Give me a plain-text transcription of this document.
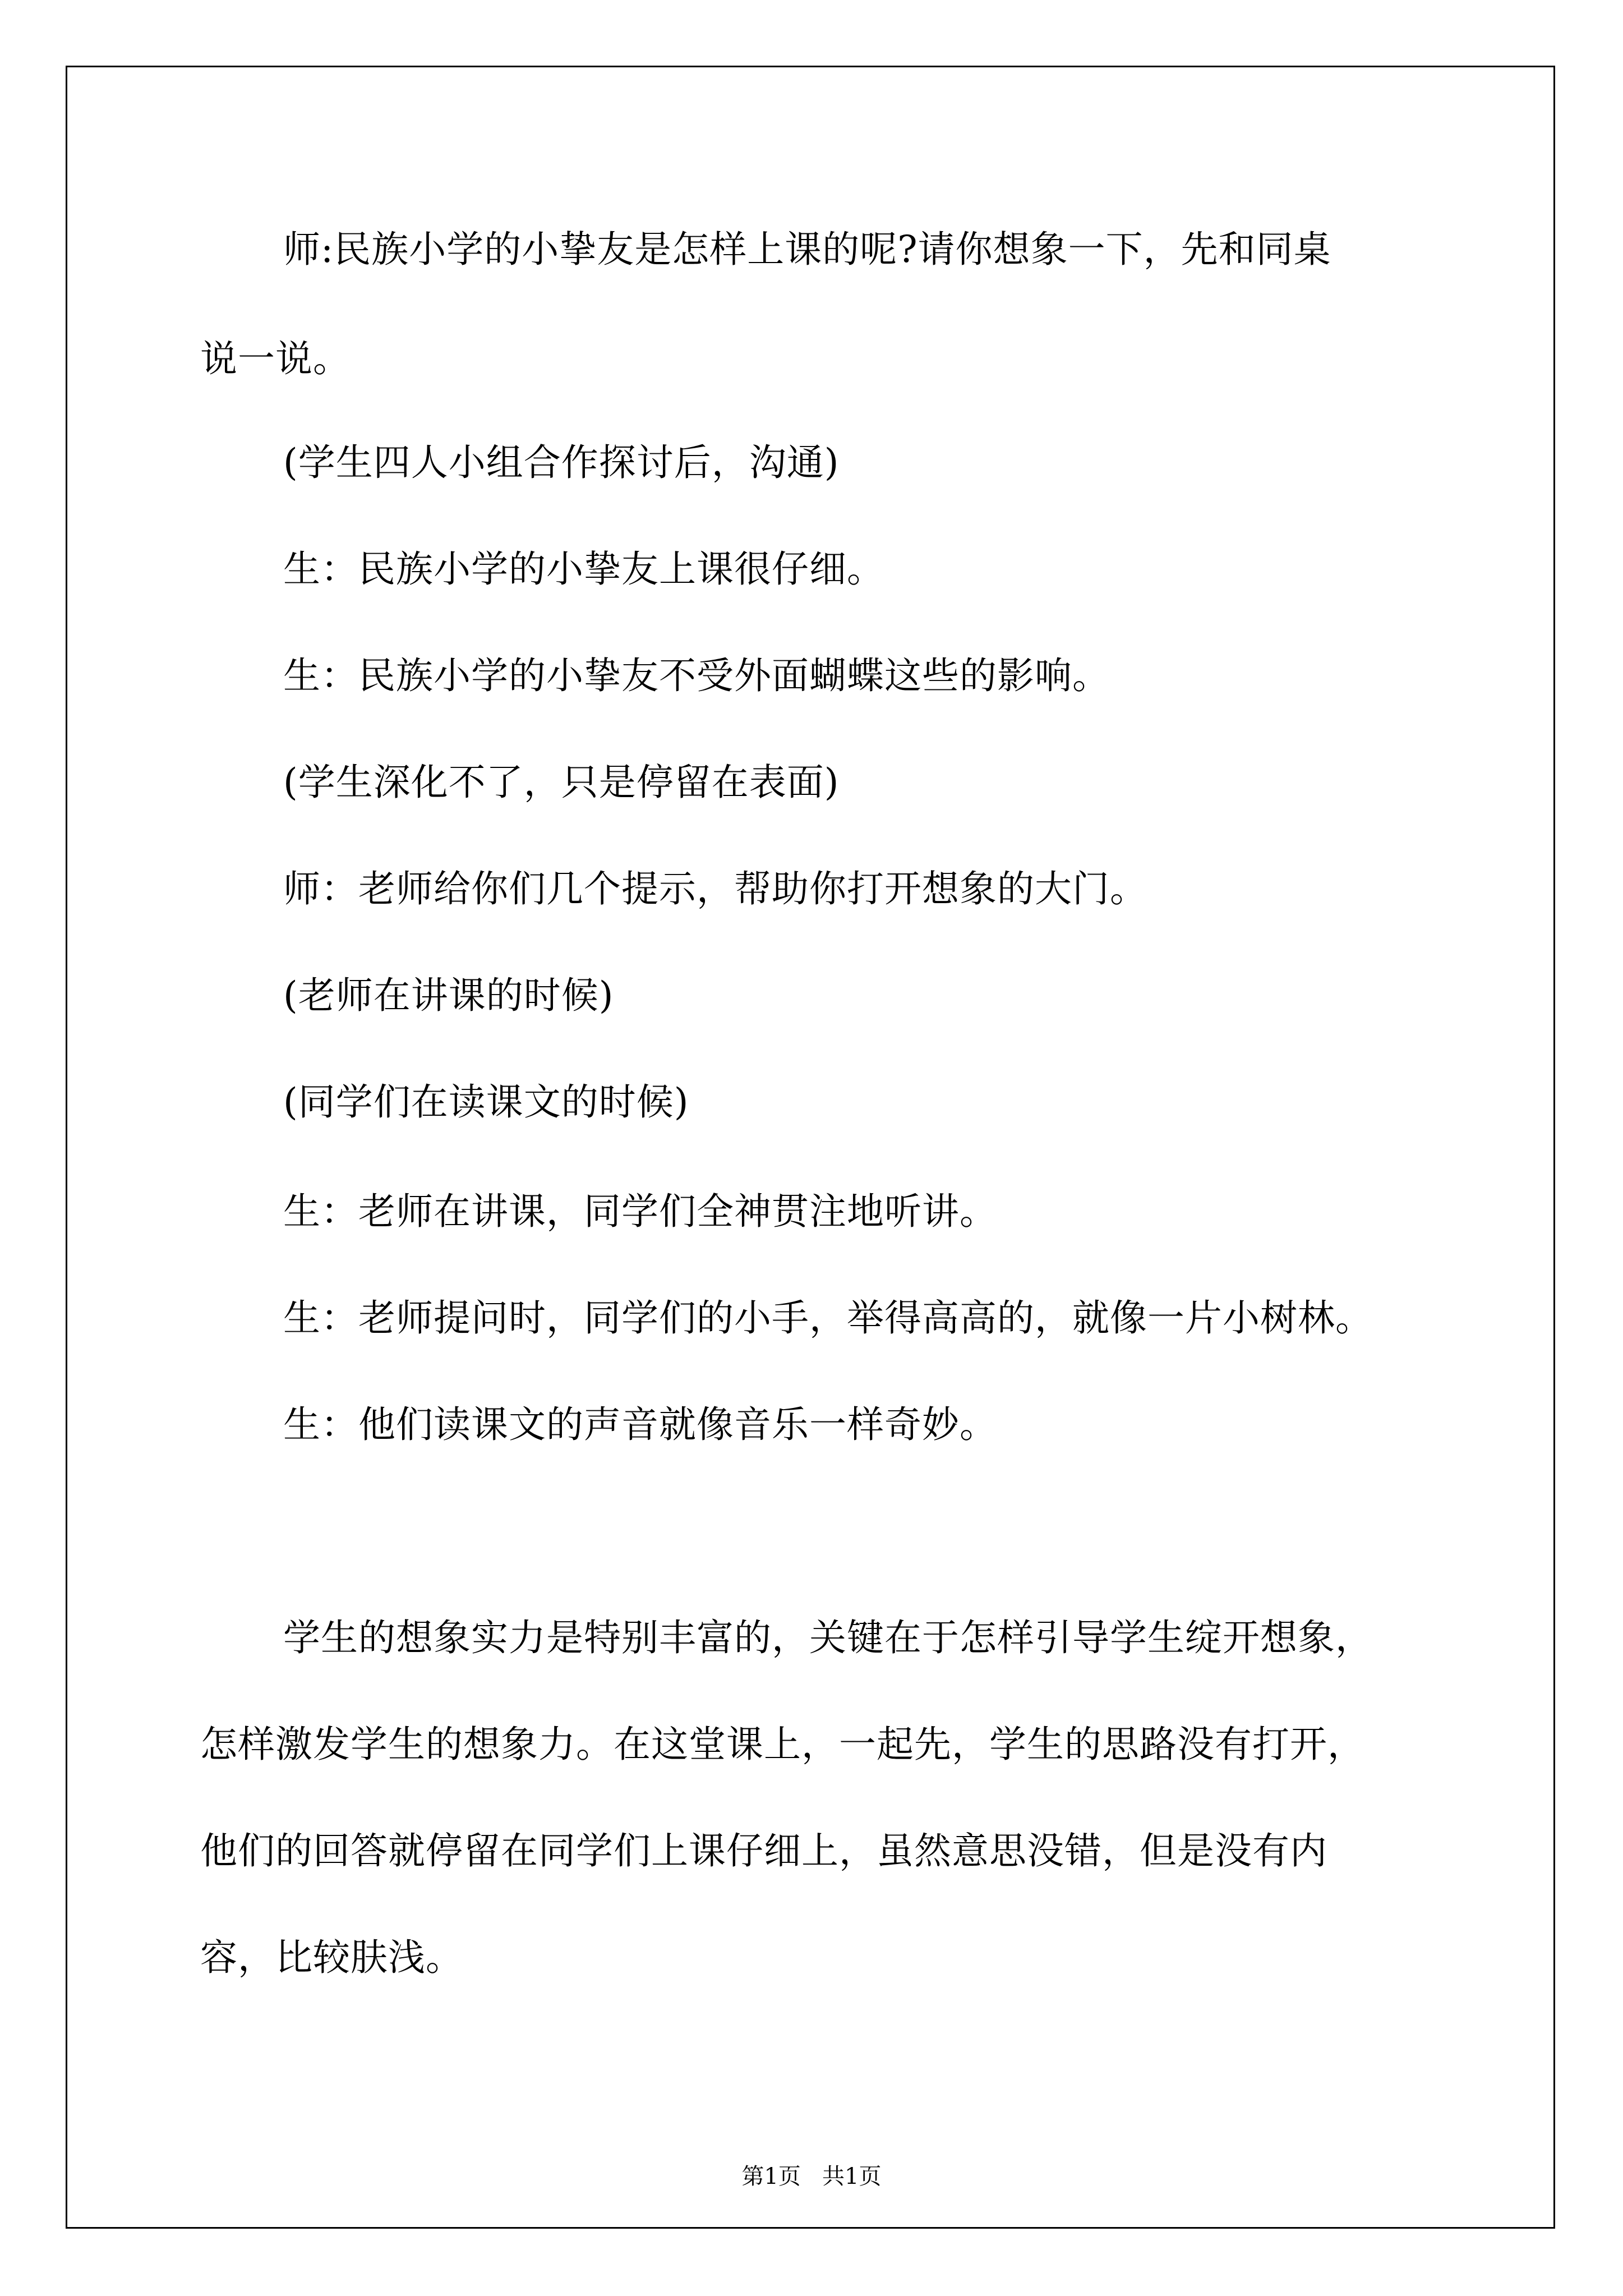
师:民族小学的小挚友是怎样上课的呢?请你想象一下，先和同桌

说一说。

(学生四人小组合作探讨后，沟通)

生：民族小学的小挚友上课很仔细。

生：民族小学的小挚友不受外面蝴蝶这些的影响。

(学生深化不了，只是停留在表面)

师：老师给你们几个提示，帮助你打开想象的大门。

(老师在讲课的时候)

(同学们在读课文的时候)

生：老师在讲课，同学们全神贯注地听讲。

生：老师提问时，同学们的小手，举得高高的，就像一片小树林。

生：他们读课文的声音就像音乐一样奇妙。

学生的想象实力是特别丰富的，关键在于怎样引导学生绽开想象，

怎样激发学生的想象力。在这堂课上，一起先，学生的思路没有打开，

他们的回答就停留在同学们上课仔细上，虽然意思没错，但是没有内

容，比较肤浅。

第1页   共1页
